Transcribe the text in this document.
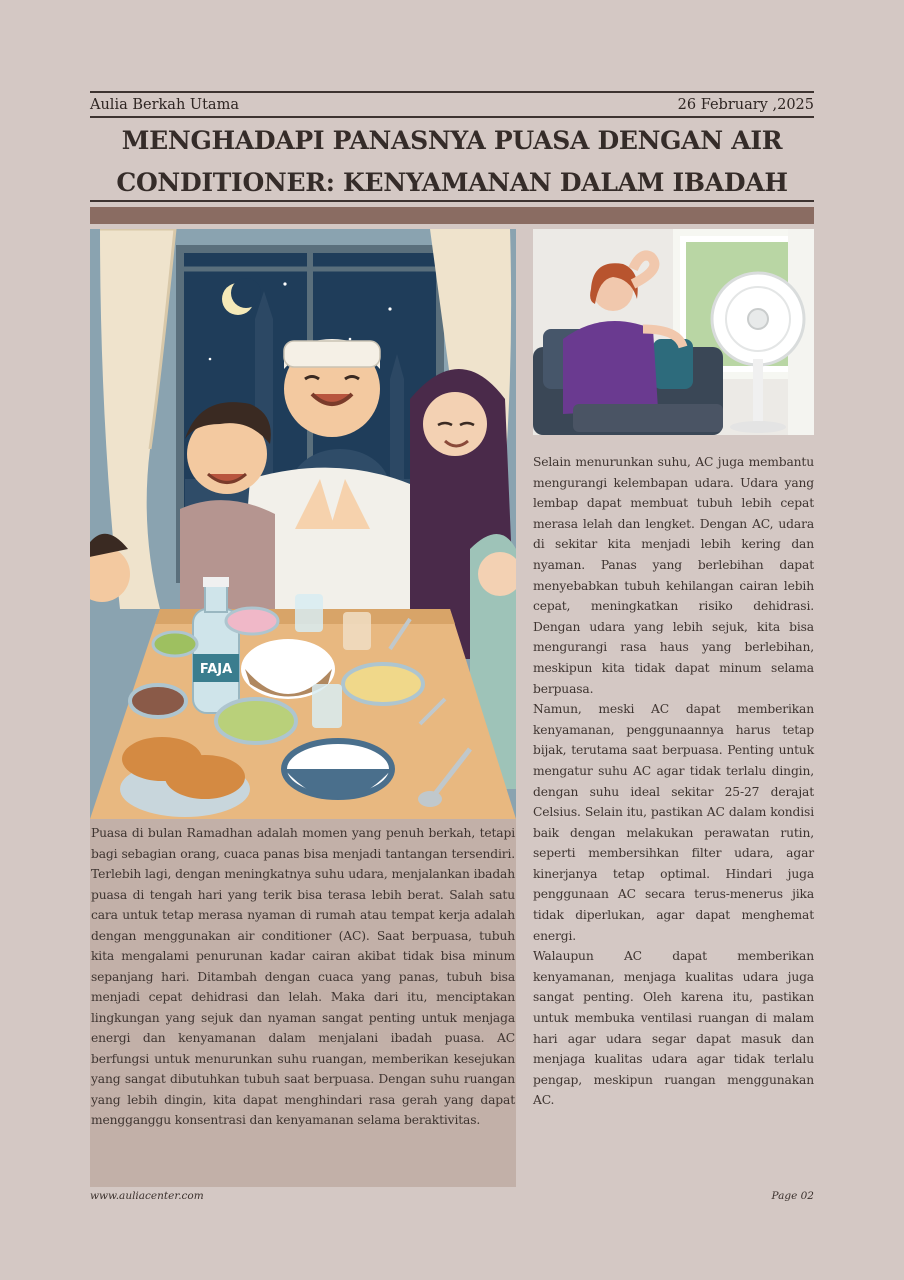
Aulia Berkah Utama	26 February ,2025
MENGHADAPI PANASNYA PUASA DENGAN AIR
CONDITIONER: KENYAMANAN DALAM IBADAH
FAJA

Puasa di bulan Ramadhan adalah momen yang penuh berkah, tetapi bagi sebagian orang, cuaca panas bisa menjadi tantangan tersendiri. Terlebih lagi, dengan meningkatnya suhu udara, menjalankan ibadah puasa di tengah hari yang terik bisa terasa lebih berat. Salah satu cara untuk tetap merasa nyaman di rumah atau tempat kerja adalah dengan menggunakan air conditioner (AC). Saat berpuasa, tubuh kita mengalami penurunan kadar cairan akibat tidak bisa minum sepanjang hari. Ditambah dengan cuaca yang panas, tubuh bisa menjadi cepat dehidrasi dan lelah. Maka dari itu, menciptakan lingkungan yang sejuk dan nyaman sangat penting untuk menjaga energi dan kenyamanan dalam menjalani ibadah puasa. AC berfungsi untuk menurunkan suhu ruangan, memberikan kesejukan yang sangat dibutuhkan tubuh saat berpuasa. Dengan suhu ruangan yang lebih dingin, kita dapat menghindari rasa gerah yang dapat mengganggu konsentrasi dan kenyamanan selama beraktivitas.

Selain menurunkan suhu, AC juga membantu mengurangi kelembapan udara. Udara yang lembap dapat membuat tubuh lebih cepat merasa lelah dan lengket. Dengan AC, udara di sekitar kita menjadi lebih kering dan nyaman. Panas yang berlebihan dapat menyebabkan tubuh kehilangan cairan lebih cepat, meningkatkan risiko dehidrasi. Dengan udara yang lebih sejuk, kita bisa mengurangi rasa haus yang berlebihan, meskipun kita tidak dapat minum selama berpuasa.

Namun, meski AC dapat memberikan kenyamanan, penggunaannya harus tetap bijak, terutama saat berpuasa. Penting untuk mengatur suhu AC agar tidak terlalu dingin, dengan suhu ideal sekitar 25-27 derajat Celsius. Selain itu, pastikan AC dalam kondisi baik dengan melakukan perawatan rutin, seperti membersihkan filter udara, agar kinerjanya tetap optimal. Hindari juga penggunaan AC secara terus-menerus jika tidak diperlukan, agar dapat menghemat energi.

Walaupun AC dapat memberikan kenyamanan, menjaga kualitas udara juga sangat penting. Oleh karena itu, pastikan untuk membuka ventilasi ruangan di malam hari agar udara segar dapat masuk dan menjaga kualitas udara agar tidak terlalu pengap, meskipun ruangan menggunakan AC.

www.auliacenter.com	Page 02
